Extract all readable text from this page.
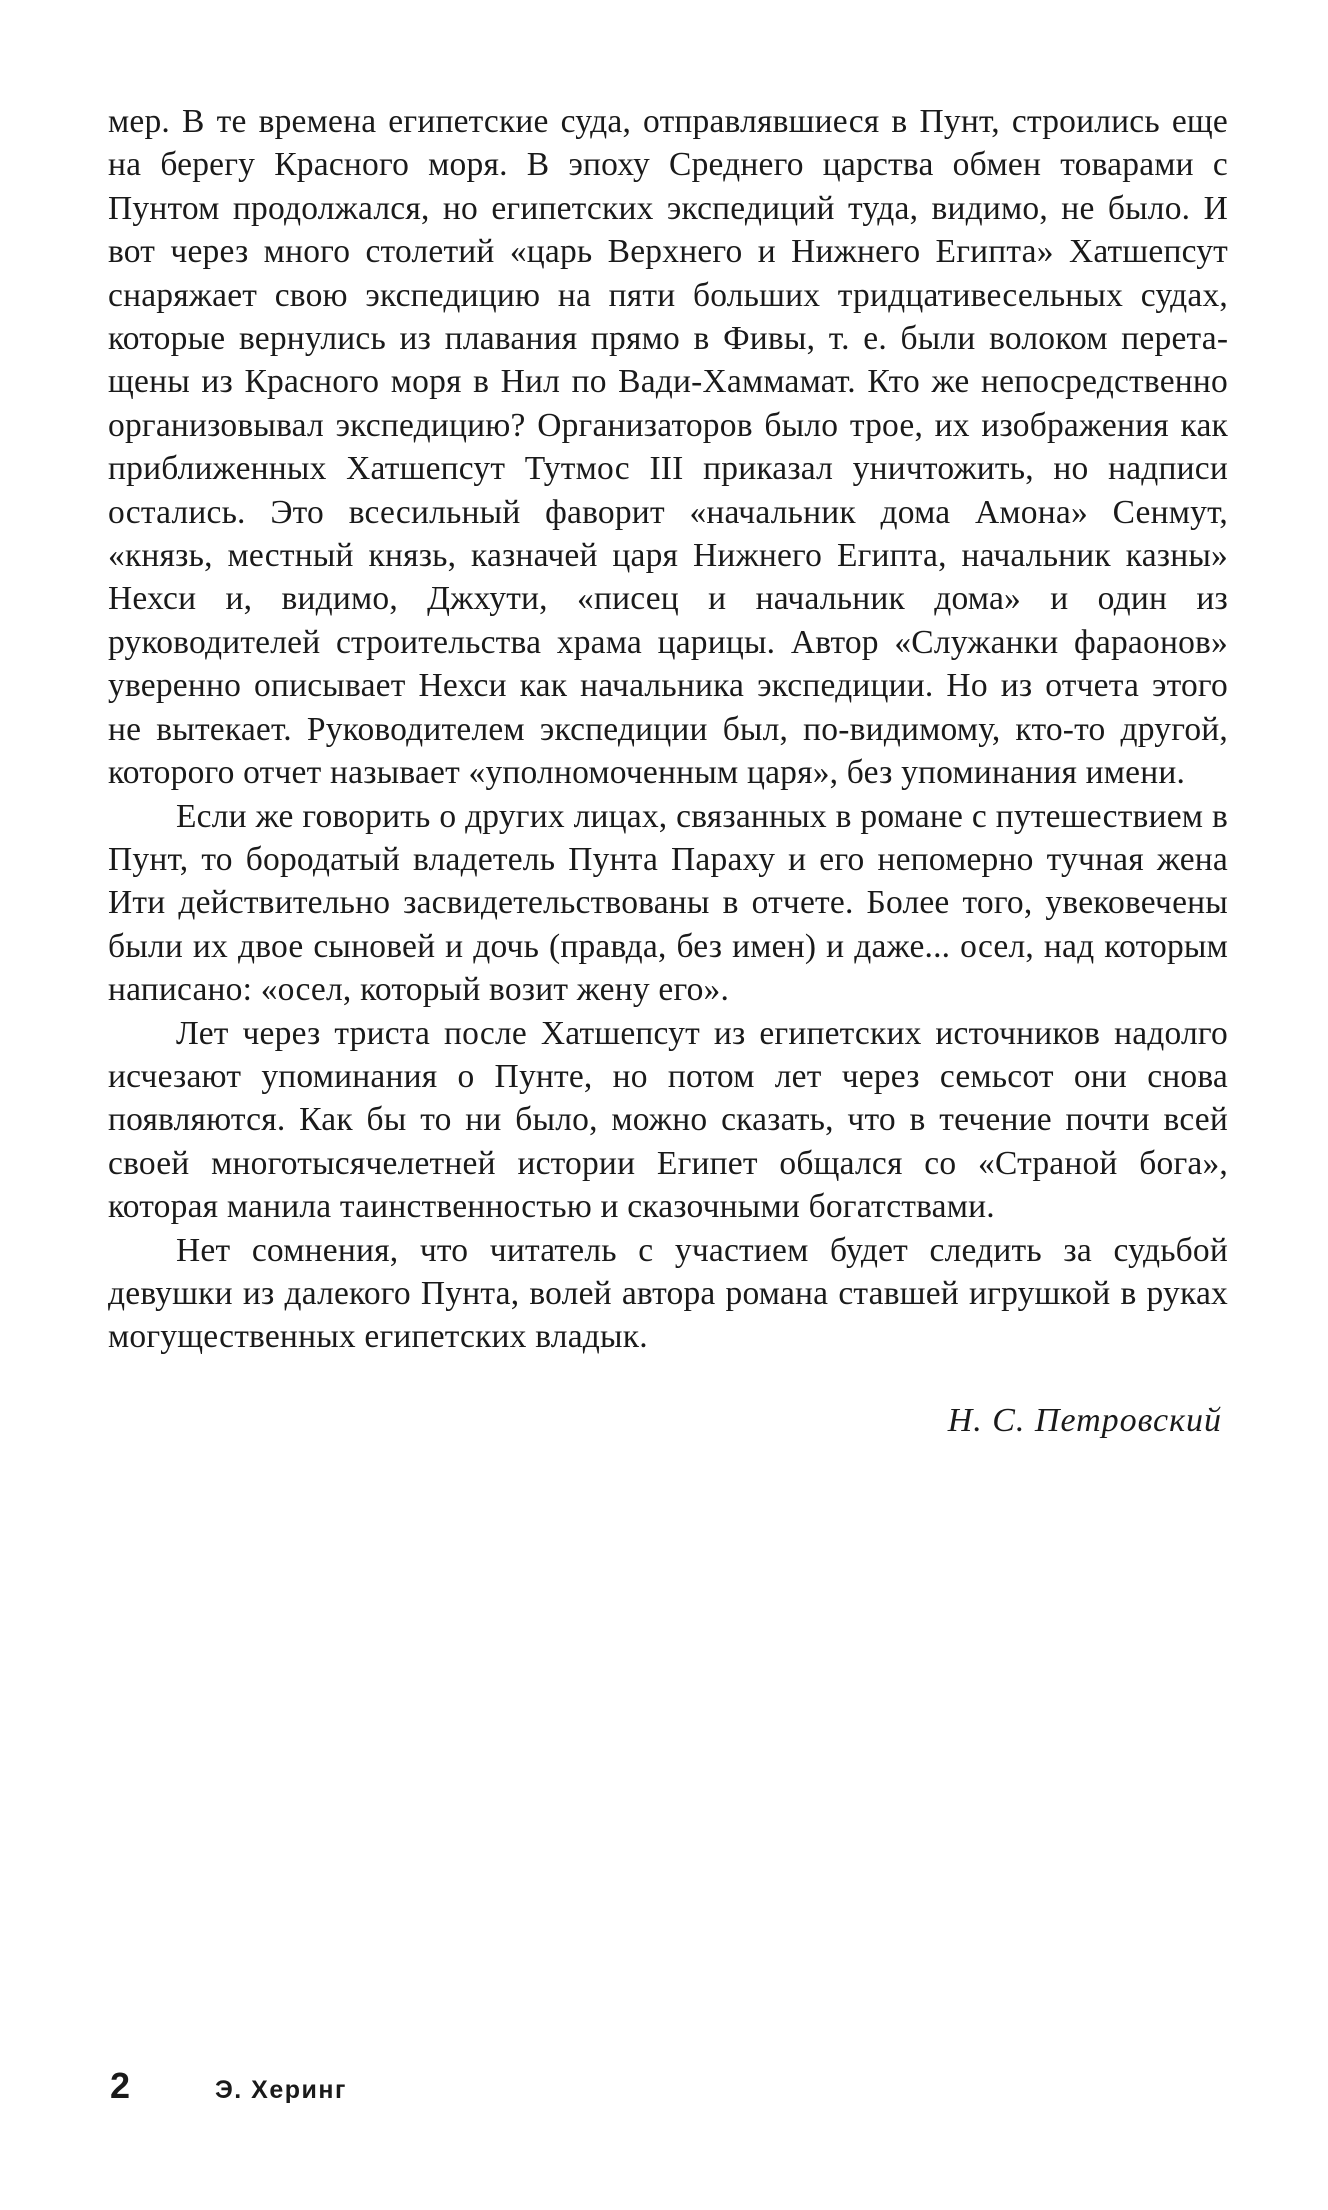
мер. В те времена египетские суда, отправлявшиеся в Пунт, строились еще на берегу Красного моря. В эпоху Среднего царства обмен товарами с Пунтом продолжался, но египетских экспедиций туда, видимо, не было. И вот через много столетий «царь Верхнего и Нижнего Египта» Хатшепсут снаряжает свою экспедицию на пяти больших тридцативесельных судах, которые вернулись из плавания прямо в Фивы, т. е. были волоком перетащены из Красного моря в Нил по Вади-Хаммамат. Кто же непосредственно организовывал экспедицию? Организаторов было трое, их изображения как приближенных Хатшепсут Тутмос III приказал уничтожить, но надписи остались. Это всесильный фаворит «начальник дома Амона» Сенмут, «князь, местный князь, казначей царя Нижнего Египта, начальник казны» Нехси и, видимо, Джхути, «писец и начальник дома» и один из руководителей строительства храма царицы. Автор «Служанки фараонов» уверенно описывает Нехси как начальника экспедиции. Но из отчета этого не вытекает. Руководителем экспедиции был, по-видимому, кто-то другой, которого отчет называет «уполномоченным царя», без упоминания имени.

Если же говорить о других лицах, связанных в романе с путешествием в Пунт, то бородатый владетель Пунта Параху и его непомерно тучная жена Ити действительно засвидетельствованы в отчете. Более того, увековечены были их двое сыновей и дочь (правда, без имен) и даже... осел, над которым написано: «осел, который возит жену его».

Лет через триста после Хатшепсут из египетских источников надолго исчезают упоминания о Пунте, но потом лет через семьсот они снова появляются. Как бы то ни было, можно сказать, что в течение почти всей своей многотысячелетней истории Египет общался со «Страной бога», которая манила таинственностью и сказочными богатствами.

Нет сомнения, что читатель с участием будет следить за судьбой девушки из далекого Пунта, волей автора романа ставшей игрушкой в руках могущественных египетских владык.

Н. С. Петровский

2	Э. Херинг
